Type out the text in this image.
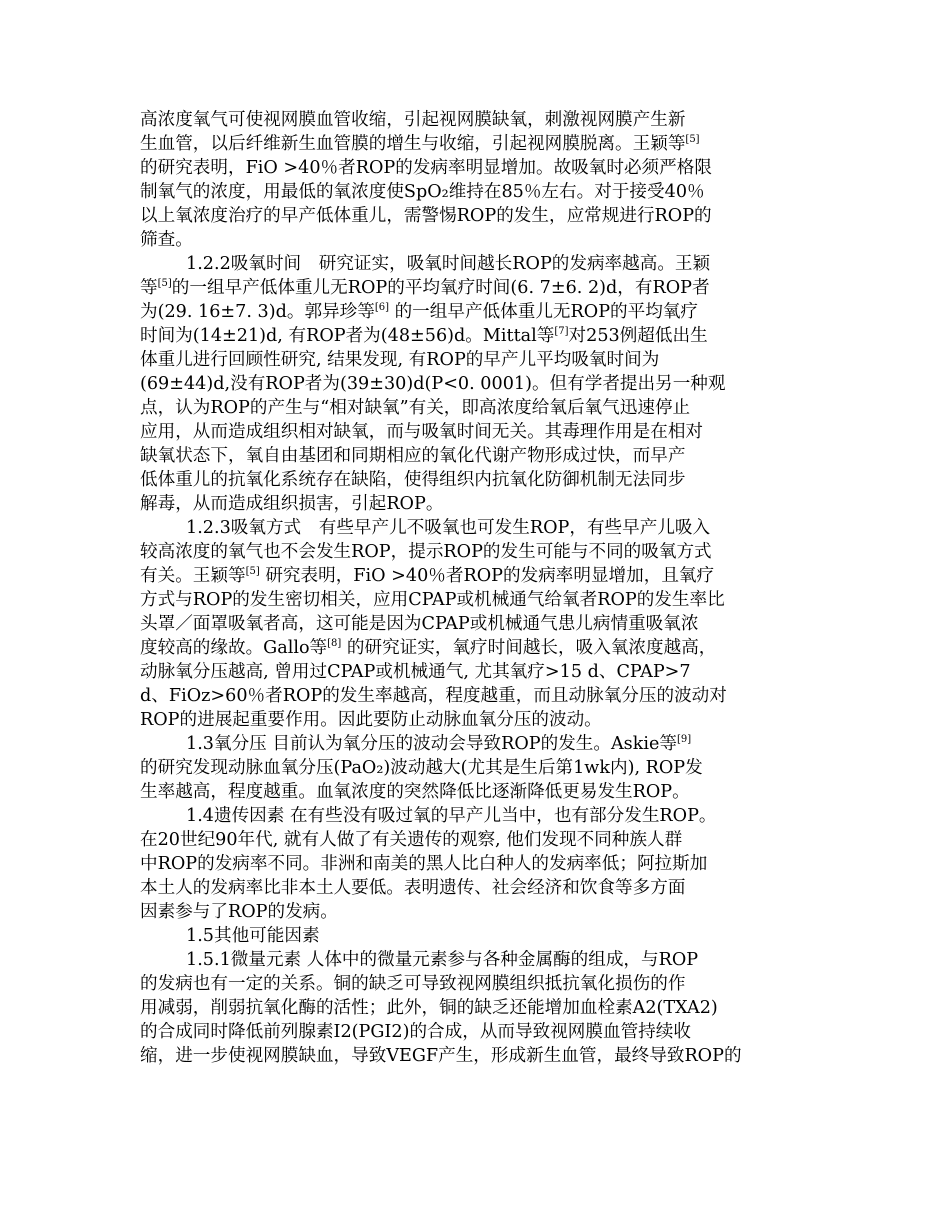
高浓度氧气可使视网膜血管收缩，引起视网膜缺氧，刺激视网膜产生新
生血管，以后纤维新生血管膜的增生与收缩，引起视网膜脱离。王颖等[5]
的研究表明，FiO >40％者ROP的发病率明显增加。故吸氧时必须严格限
制氧气的浓度，用最低的氧浓度使SpO₂维持在85％左右。对于接受40％
以上氧浓度治疗的早产低体重儿，需警惕ROP的发生，应常规进行ROP的
筛查。
1.2.2吸氧时间　研究证实，吸氧时间越长ROP的发病率越高。王颖
等[5]的一组早产低体重儿无ROP的平均氧疗时间(6. 7±6. 2)d，有ROP者
为(29. 16±7. 3)d。郭异珍等[6] 的一组早产低体重儿无ROP的平均氧疗
时间为(14±21)d, 有ROP者为(48±56)d。Mittal等[7]对253例超低出生
体重儿进行回顾性研究, 结果发现, 有ROP的早产儿平均吸氧时间为
(69±44)d,没有ROP者为(39±30)d(P<0. 0001)。但有学者提出另一种观
点，认为ROP的产生与“相对缺氧”有关，即高浓度给氧后氧气迅速停止
应用，从而造成组织相对缺氧，而与吸氧时间无关。其毒理作用是在相对
缺氧状态下，氧自由基团和同期相应的氧化代谢产物形成过快，而早产
低体重儿的抗氧化系统存在缺陷，使得组织内抗氧化防御机制无法同步
解毒，从而造成组织损害，引起ROP。
1.2.3吸氧方式　有些早产儿不吸氧也可发生ROP，有些早产儿吸入
较高浓度的氧气也不会发生ROP，提示ROP的发生可能与不同的吸氧方式
有关。王颖等[5] 研究表明，FiO >40％者ROP的发病率明显增加，且氧疗
方式与ROP的发生密切相关，应用CPAP或机械通气给氧者ROP的发生率比
头罩／面罩吸氧者高，这可能是因为CPAP或机械通气患儿病情重吸氧浓
度较高的缘故。Gallo等[8] 的研究证实，氧疗时间越长，吸入氧浓度越高，
动脉氧分压越高, 曾用过CPAP或机械通气, 尤其氧疗>15 d、CPAP>7
d、FiOz>60％者ROP的发生率越高，程度越重，而且动脉氧分压的波动对
ROP的进展起重要作用。因此要防止动脉血氧分压的波动。
1.3氧分压 目前认为氧分压的波动会导致ROP的发生。Askie等[9]
的研究发现动脉血氧分压(PaO₂)波动越大(尤其是生后第1wk内), ROP发
生率越高，程度越重。血氧浓度的突然降低比逐渐降低更易发生ROP。
1.4遗传因素 在有些没有吸过氧的早产儿当中，也有部分发生ROP。
在20世纪90年代, 就有人做了有关遗传的观察, 他们发现不同种族人群
中ROP的发病率不同。非洲和南美的黑人比白种人的发病率低；阿拉斯加
本土人的发病率比非本土人要低。表明遗传、社会经济和饮食等多方面
因素参与了ROP的发病。
1.5其他可能因素
1.5.1微量元素 人体中的微量元素参与各种金属酶的组成，与ROP
的发病也有一定的关系。铜的缺乏可导致视网膜组织抵抗氧化损伤的作
用减弱，削弱抗氧化酶的活性；此外，铜的缺乏还能增加血栓素A2(TXA2)
的合成同时降低前列腺素I2(PGI2)的合成，从而导致视网膜血管持续收
缩，进一步使视网膜缺血，导致VEGF产生，形成新生血管，最终导致ROP的
